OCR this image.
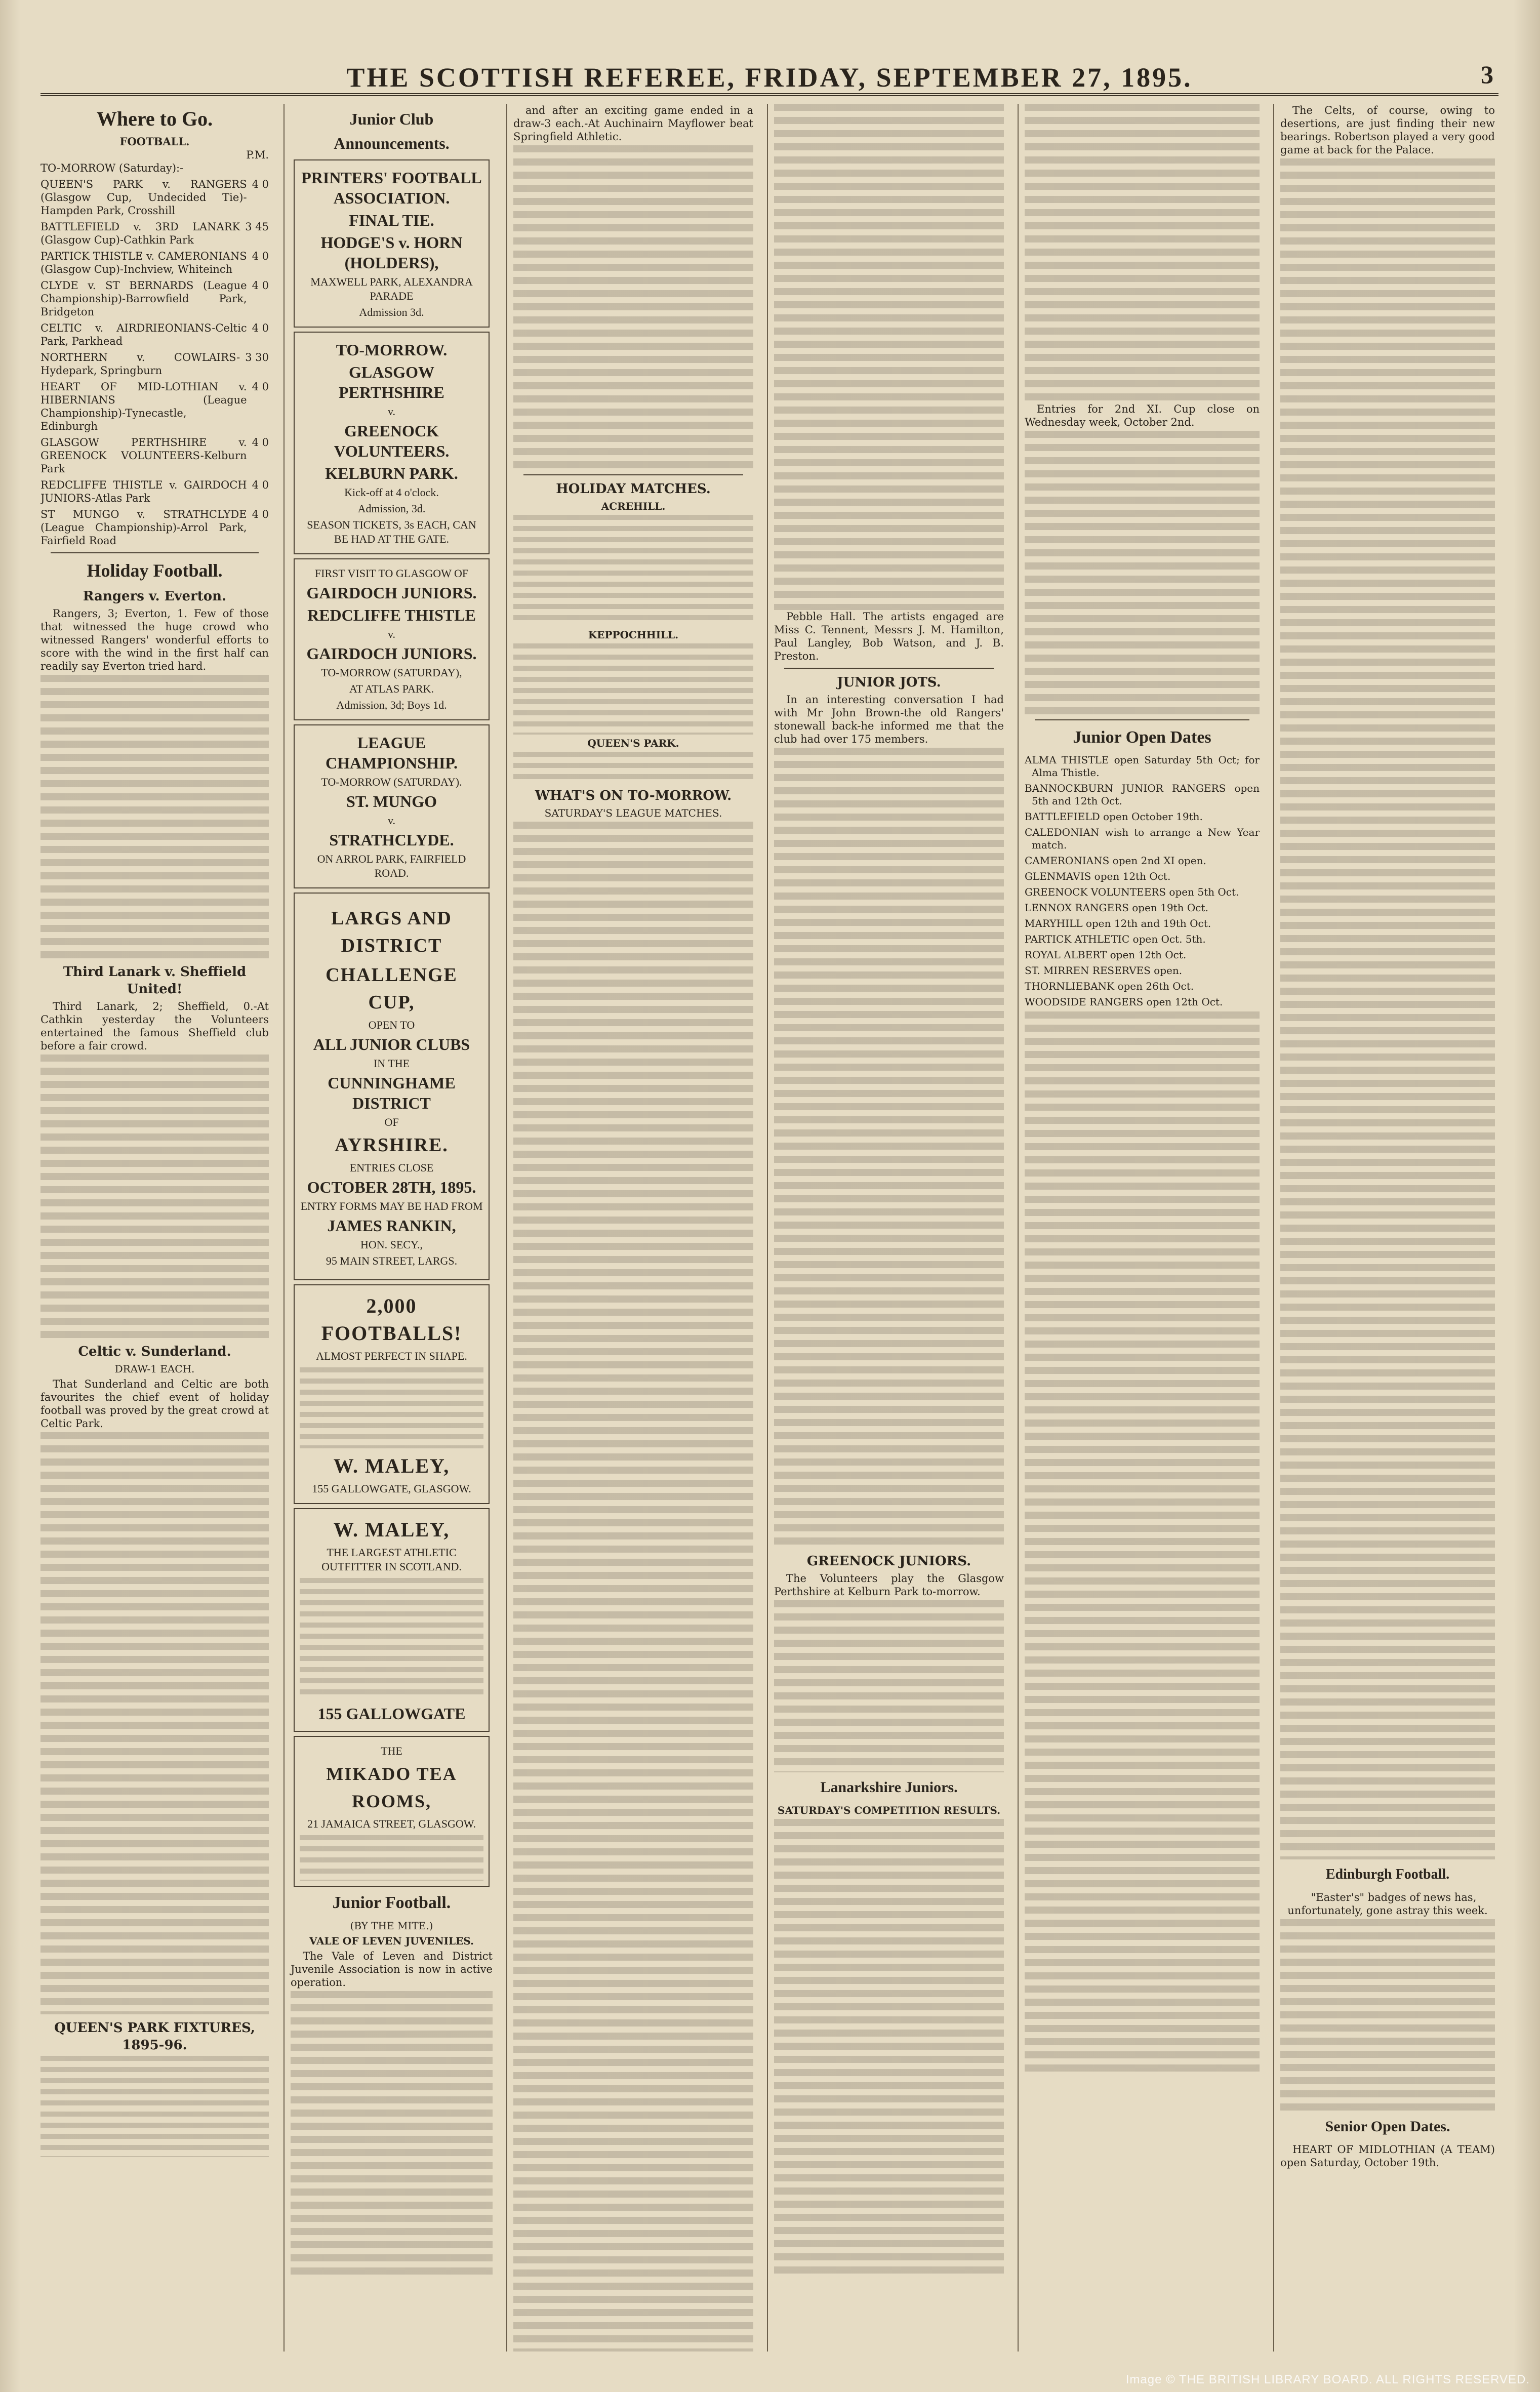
THE SCOTTISH REFEREE, FRIDAY, SEPTEMBER 27, 1895.	3
Where to Go.
FOOTBALL.
P.M.
TO-MORROW (Saturday):-
QUEEN'S PARK v. RANGERS (Glasgow Cup, Undecided Tie)-Hampden Park, Crosshill
4 0
BATTLEFIELD v. 3RD LANARK (Glasgow Cup)-Cathkin Park
3 45
PARTICK THISTLE v. CAMERONIANS (Glasgow Cup)-Inchview, Whiteinch
4 0
CLYDE v. ST BERNARDS (League Championship)-Barrowfield Park, Bridgeton
4 0
CELTIC v. AIRDRIEONIANS-Celtic Park, Parkhead
4 0
NORTHERN v. COWLAIRS-Hydepark, Springburn
3 30
HEART OF MID-LOTHIAN v. HIBERNIANS (League Championship)-Tynecastle, Edinburgh
4 0
GLASGOW PERTHSHIRE v. GREENOCK VOLUNTEERS-Kelburn Park
4 0
REDCLIFFE THISTLE v. GAIRDOCH JUNIORS-Atlas Park
4 0
ST MUNGO v. STRATHCLYDE (League Championship)-Arrol Park, Fairfield Road
4 0
Holiday Football.
Rangers v. Everton.

Rangers, 3; Everton, 1. Few of those that witnessed the huge crowd who witnessed Rangers' wonderful efforts to score with the wind in the first half can readily say Everton tried hard.

Third Lanark v. Sheffield United!

Third Lanark, 2; Sheffield, 0.-At Cathkin yesterday the Volunteers entertained the famous Sheffield club before a fair crowd.

Celtic v. Sunderland.
DRAW-1 EACH.

That Sunderland and Celtic are both favourites the chief event of holiday football was proved by the great crowd at Celtic Park.

QUEEN'S PARK FIXTURES, 1895-96.
Junior Club Announcements.
PRINTERS' FOOTBALL ASSOCIATION.
FINAL TIE.
HODGE'S v. HORN (HOLDERS),
MAXWELL PARK, ALEXANDRA PARADE
Admission 3d.
TO-MORROW.
GLASGOW PERTHSHIRE
v.
GREENOCK VOLUNTEERS.
KELBURN PARK.
Kick-off at 4 o'clock.
Admission, 3d.
SEASON TICKETS, 3s EACH, CAN BE HAD AT THE GATE.
FIRST VISIT TO GLASGOW OF
GAIRDOCH JUNIORS.
REDCLIFFE THISTLE
v.
GAIRDOCH JUNIORS.
TO-MORROW (SATURDAY),
AT ATLAS PARK.
Admission, 3d; Boys 1d.
LEAGUE CHAMPIONSHIP.
TO-MORROW (SATURDAY).
ST. MUNGO
v.
STRATHCLYDE.
ON ARROL PARK, FAIRFIELD ROAD.
LARGS AND DISTRICT
CHALLENGE CUP,
OPEN TO
ALL JUNIOR CLUBS
IN THE
CUNNINGHAME DISTRICT
OF
AYRSHIRE.
ENTRIES CLOSE
OCTOBER 28TH, 1895.
ENTRY FORMS MAY BE HAD FROM
JAMES RANKIN,
HON. SECY.,
95 MAIN STREET, LARGS.
2,000 FOOTBALLS!
ALMOST PERFECT IN SHAPE.
W. MALEY,
155 GALLOWGATE, GLASGOW.
W. MALEY,
THE LARGEST ATHLETIC OUTFITTER IN SCOTLAND.
155 GALLOWGATE
THE
MIKADO TEA ROOMS,
21 JAMAICA STREET, GLASGOW.
Junior Football.
(BY THE MITE.)
VALE OF LEVEN JUVENILES.

The Vale of Leven and District Juvenile Association is now in active operation.

and after an exciting game ended in a draw-3 each.-At Auchinairn Mayflower beat Springfield Athletic.

HOLIDAY MATCHES.
ACREHILL.
KEPPOCHHILL.
QUEEN'S PARK.
WHAT'S ON TO-MORROW.
SATURDAY'S LEAGUE MATCHES.

Pebble Hall. The artists engaged are Miss C. Tennent, Messrs J. M. Hamilton, Paul Langley, Bob Watson, and J. B. Preston.

JUNIOR JOTS.

In an interesting conversation I had with Mr John Brown-the old Rangers' stonewall back-he informed me that the club had over 175 members.

GREENOCK JUNIORS.

The Volunteers play the Glasgow Perthshire at Kelburn Park to-morrow.

Lanarkshire Juniors.
SATURDAY'S COMPETITION RESULTS.

Entries for 2nd XI. Cup close on Wednesday week, October 2nd.

Junior Open Dates
ALMA THISTLE open Saturday 5th Oct; for Alma Thistle.
BANNOCKBURN JUNIOR RANGERS open 5th and 12th Oct.
BATTLEFIELD open October 19th.
CALEDONIAN wish to arrange a New Year match.
CAMERONIANS open 2nd XI open.
GLENMAVIS open 12th Oct.
GREENOCK VOLUNTEERS open 5th Oct.
LENNOX RANGERS open 19th Oct.
MARYHILL open 12th and 19th Oct.
PARTICK ATHLETIC open Oct. 5th.
ROYAL ALBERT open 12th Oct.
ST. MIRREN RESERVES open.
THORNLIEBANK open 26th Oct.
WOODSIDE RANGERS open 12th Oct.

The Celts, of course, owing to desertions, are just finding their new bearings. Robertson played a very good game at back for the Palace.

Edinburgh Football.

"Easter's" badges of news has, unfortunately, gone astray this week.

Senior Open Dates.

HEART OF MIDLOTHIAN (A TEAM) open Saturday, October 19th.

Image © THE BRITISH LIBRARY BOARD. ALL RIGHTS RESERVED.
